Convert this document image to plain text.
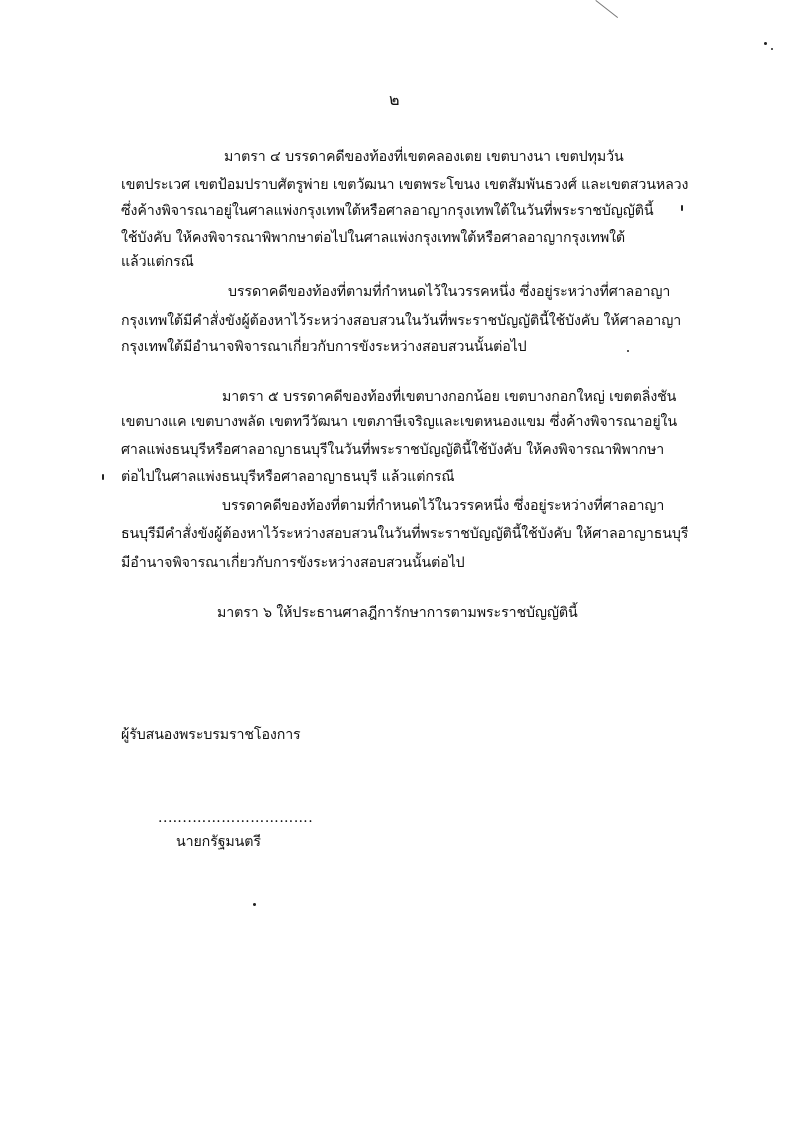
๒
มาตรา ๔ บรรดาคดีของท้องที่เขตคลองเตย เขตบางนา เขตปทุมวัน
เขตประเวศ เขตป้อมปราบศัตรูพ่าย เขตวัฒนา เขตพระโขนง เขตสัมพันธวงศ์ และเขตสวนหลวง
ซึ่งค้างพิจารณาอยู่ในศาลแพ่งกรุงเทพใต้หรือศาลอาญากรุงเทพใต้ในวันที่พระราชบัญญัตินี้
ใช้บังคับ ให้คงพิจารณาพิพากษาต่อไปในศาลแพ่งกรุงเทพใต้หรือศาลอาญากรุงเทพใต้
แล้วแต่กรณี
บรรดาคดีของท้องที่ตามที่กำหนดไว้ในวรรคหนึ่ง ซึ่งอยู่ระหว่างที่ศาลอาญา
กรุงเทพใต้มีคำสั่งขังผู้ต้องหาไว้ระหว่างสอบสวนในวันที่พระราชบัญญัตินี้ใช้บังคับ ให้ศาลอาญา
กรุงเทพใต้มีอำนาจพิจารณาเกี่ยวกับการขังระหว่างสอบสวนนั้นต่อไป
มาตรา ๕ บรรดาคดีของท้องที่เขตบางกอกน้อย เขตบางกอกใหญ่ เขตตลิ่งชัน
เขตบางแค เขตบางพลัด เขตทวีวัฒนา เขตภาษีเจริญและเขตหนองแขม ซึ่งค้างพิจารณาอยู่ใน
ศาลแพ่งธนบุรีหรือศาลอาญาธนบุรีในวันที่พระราชบัญญัตินี้ใช้บังคับ ให้คงพิจารณาพิพากษา
ต่อไปในศาลแพ่งธนบุรีหรือศาลอาญาธนบุรี แล้วแต่กรณี
บรรดาคดีของท้องที่ตามที่กำหนดไว้ในวรรคหนึ่ง ซึ่งอยู่ระหว่างที่ศาลอาญา
ธนบุรีมีคำสั่งขังผู้ต้องหาไว้ระหว่างสอบสวนในวันที่พระราชบัญญัตินี้ใช้บังคับ ให้ศาลอาญาธนบุรี
มีอำนาจพิจารณาเกี่ยวกับการขังระหว่างสอบสวนนั้นต่อไป
มาตรา ๖ ให้ประธานศาลฎีการักษาการตามพระราชบัญญัตินี้
ผู้รับสนองพระบรมราชโองการ
..…..…………………….
นายกรัฐมนตรี
